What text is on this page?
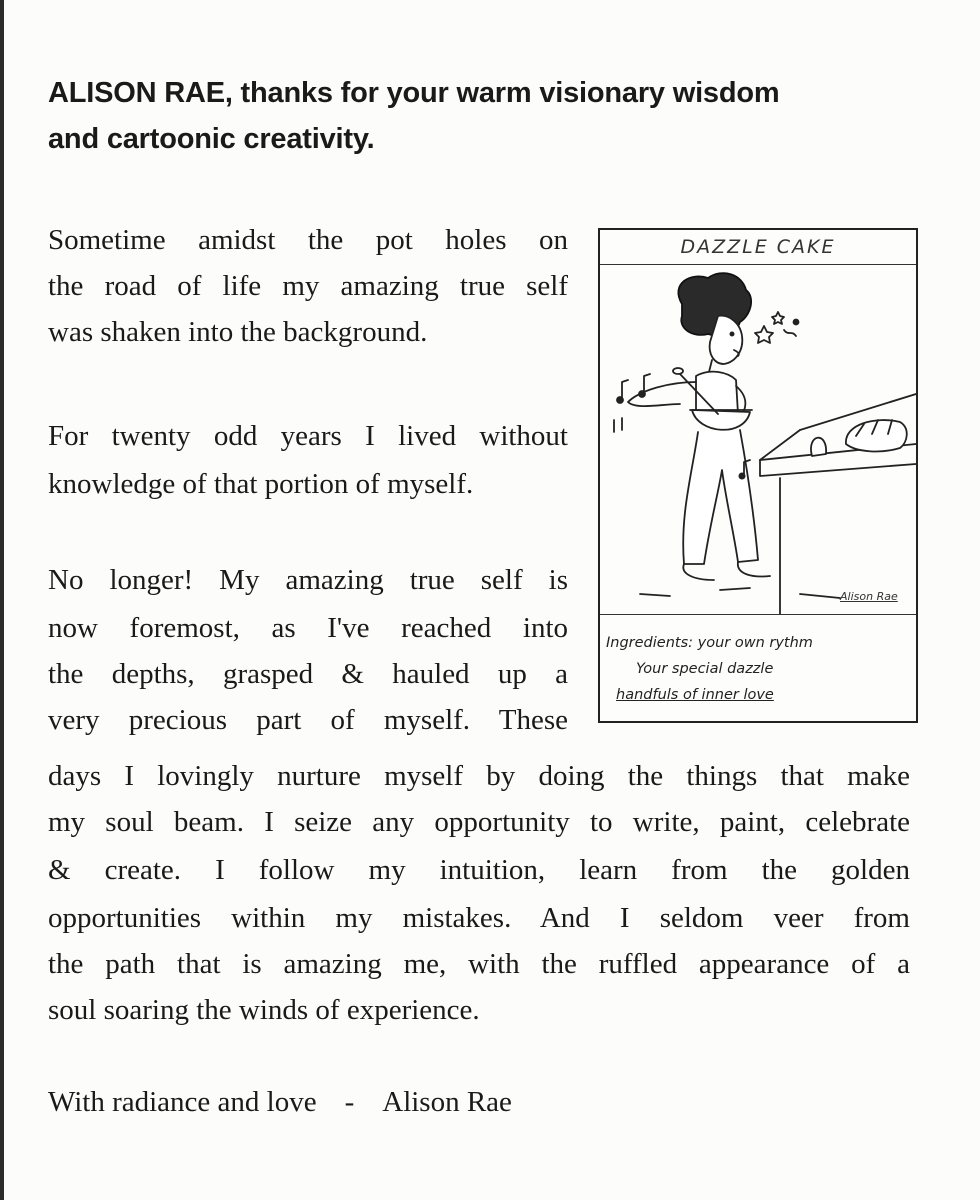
ALISON RAE, thanks for your warm visionary wisdom
and cartoonic creativity.

Sometime amidst the pot holes on

the road of life my amazing true self

was shaken into the background.

For twenty odd years I lived without

knowledge of that portion of myself.

No longer! My amazing true self is

now foremost, as I've reached into

the depths, grasped & hauled up a

very precious part of myself. These

days I lovingly nurture myself by doing the things that make

my soul beam. I seize any opportunity to write, paint, celebrate

& create. I follow my intuition, learn from the golden

opportunities within my mistakes. And I seldom veer from

the path that is amazing me, with the ruffled appearance of a

soul soaring the winds of experience.

With radiance and love - Alison Rae

DAZZLE CAKE
Alison Rae
Ingredients: your own rythm
Your special dazzle
handfuls of inner love
